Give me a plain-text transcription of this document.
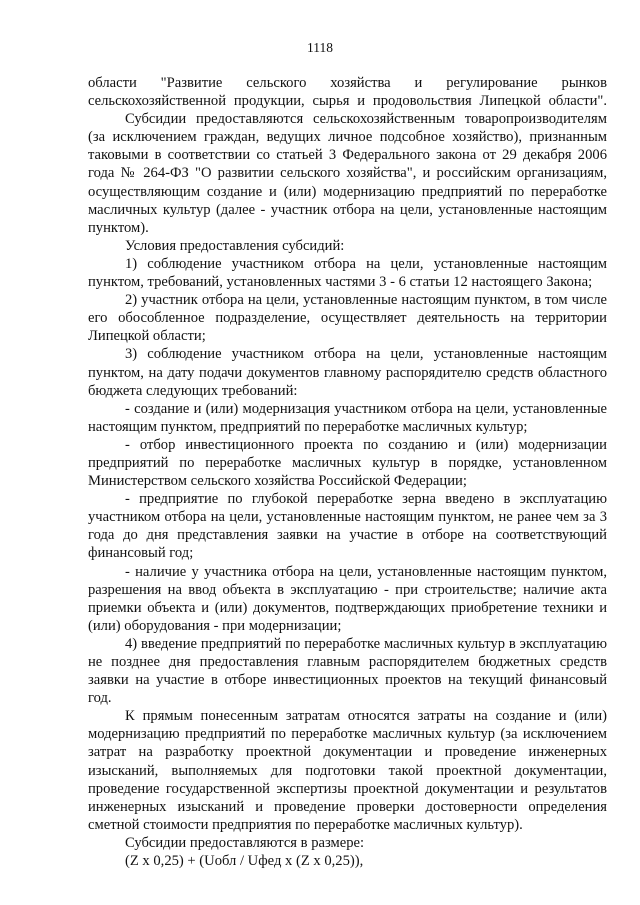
1118

области "Развитие сельского хозяйства и регулирование рынков сельскохозяйственной продукции, сырья и продовольствия Липецкой области".

Субсидии предоставляются сельскохозяйственным товаропроизводителям (за исключением граждан, ведущих личное подсобное хозяйство), признанным таковыми в соответствии со статьей 3 Федерального закона от 29 декабря 2006 года № 264-ФЗ "О развитии сельского хозяйства", и российским организациям, осуществляющим создание и (или) модернизацию предприятий по переработке масличных культур (далее - участник отбора на цели, установленные настоящим пунктом).

Условия предоставления субсидий:

1) соблюдение участником отбора на цели, установленные настоящим пунктом, требований, установленных частями 3 - 6 статьи 12 настоящего Закона;

2) участник отбора на цели, установленные настоящим пунктом, в том числе его обособленное подразделение, осуществляет деятельность на территории Липецкой области;

3) соблюдение участником отбора на цели, установленные настоящим пунктом, на дату подачи документов главному распорядителю средств областного бюджета следующих требований:

- создание и (или) модернизация участником отбора на цели, установленные настоящим пунктом, предприятий по переработке масличных культур;

- отбор инвестиционного проекта по созданию и (или) модернизации предприятий по переработке масличных культур в порядке, установленном Министерством сельского хозяйства Российской Федерации;

- предприятие по глубокой переработке зерна введено в эксплуатацию участником отбора на цели, установленные настоящим пунктом, не ранее чем за 3 года до дня представления заявки на участие в отборе на соответствующий финансовый год;

- наличие у участника отбора на цели, установленные настоящим пунктом, разрешения на ввод объекта в эксплуатацию - при строительстве; наличие акта приемки объекта и (или) документов, подтверждающих приобретение техники и (или) оборудования - при модернизации;

4) введение предприятий по переработке масличных культур в эксплуатацию не позднее дня предоставления главным распорядителем бюджетных средств заявки на участие в отборе инвестиционных проектов на текущий финансовый год.

К прямым понесенным затратам относятся затраты на создание и (или) модернизацию предприятий по переработке масличных культур (за исключением затрат на разработку проектной документации и проведение инженерных изысканий, выполняемых для подготовки такой проектной документации, проведение государственной экспертизы проектной документации и результатов инженерных изысканий и проведение проверки достоверности определения сметной стоимости предприятия по переработке масличных культур).

Субсидии предоставляются в размере:

(Z x 0,25) + (Uобл / Uфед x (Z x 0,25)),
